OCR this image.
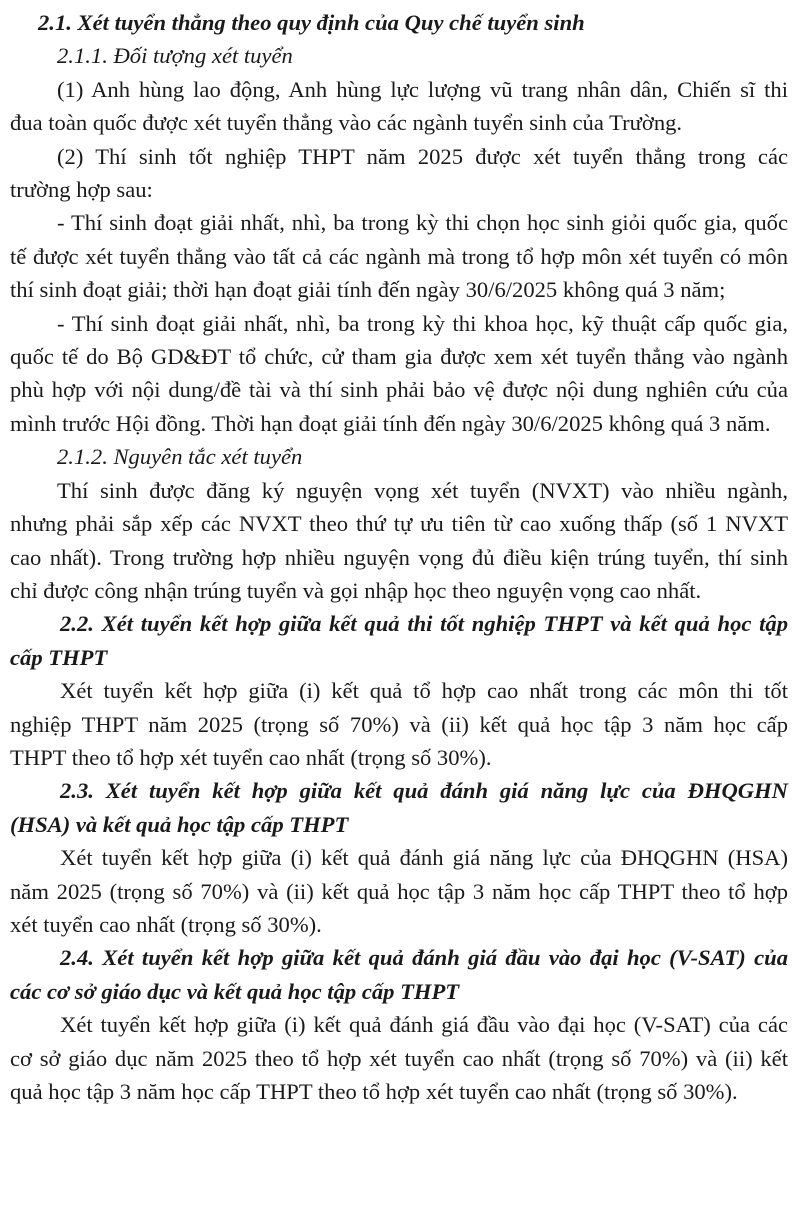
2.1. Xét tuyển thẳng theo quy định của Quy chế tuyển sinh
2.1.1. Đối tượng xét tuyển
(1) Anh hùng lao động, Anh hùng lực lượng vũ trang nhân dân, Chiến sĩ thi
đua toàn quốc được xét tuyển thẳng vào các ngành tuyển sinh của Trường.
(2) Thí sinh tốt nghiệp THPT năm 2025 được xét tuyển thẳng trong các
trường hợp sau:
- Thí sinh đoạt giải nhất, nhì, ba trong kỳ thi chọn học sinh giỏi quốc gia, quốc
tế được xét tuyển thẳng vào tất cả các ngành mà trong tổ hợp môn xét tuyển có môn
thí sinh đoạt giải; thời hạn đoạt giải tính đến ngày 30/6/2025 không quá 3 năm;
- Thí sinh đoạt giải nhất, nhì, ba trong kỳ thi khoa học, kỹ thuật cấp quốc gia,
quốc tế do Bộ GD&ĐT tổ chức, cử tham gia được xem xét tuyển thẳng vào ngành
phù hợp với nội dung/đề tài và thí sinh phải bảo vệ được nội dung nghiên cứu của
mình trước Hội đồng. Thời hạn đoạt giải tính đến ngày 30/6/2025 không quá 3 năm.
2.1.2. Nguyên tắc xét tuyển
Thí sinh được đăng ký nguyện vọng xét tuyển (NVXT) vào nhiều ngành,
nhưng phải sắp xếp các NVXT theo thứ tự ưu tiên từ cao xuống thấp (số 1 NVXT
cao nhất). Trong trường hợp nhiều nguyện vọng đủ điều kiện trúng tuyển, thí sinh
chỉ được công nhận trúng tuyển và gọi nhập học theo nguyện vọng cao nhất.
2.2. Xét tuyển kết hợp giữa kết quả thi tốt nghiệp THPT và kết quả học tập
cấp THPT
Xét tuyển kết hợp giữa (i) kết quả tổ hợp cao nhất trong các môn thi tốt
nghiệp THPT năm 2025 (trọng số 70%) và (ii) kết quả học tập 3 năm học cấp
THPT theo tổ hợp xét tuyển cao nhất (trọng số 30%).
2.3. Xét tuyển kết hợp giữa kết quả đánh giá năng lực của ĐHQGHN
(HSA) và kết quả học tập cấp THPT
Xét tuyển kết hợp giữa (i) kết quả đánh giá năng lực của ĐHQGHN (HSA)
năm 2025 (trọng số 70%) và (ii) kết quả học tập 3 năm học cấp THPT theo tổ hợp
xét tuyển cao nhất (trọng số 30%).
2.4. Xét tuyển kết hợp giữa kết quả đánh giá đầu vào đại học (V-SAT) của
các cơ sở giáo dục và kết quả học tập cấp THPT
Xét tuyển kết hợp giữa (i) kết quả đánh giá đầu vào đại học (V-SAT) của các
cơ sở giáo dục năm 2025 theo tổ hợp xét tuyển cao nhất (trọng số 70%) và (ii) kết
quả học tập 3 năm học cấp THPT theo tổ hợp xét tuyển cao nhất (trọng số 30%).
